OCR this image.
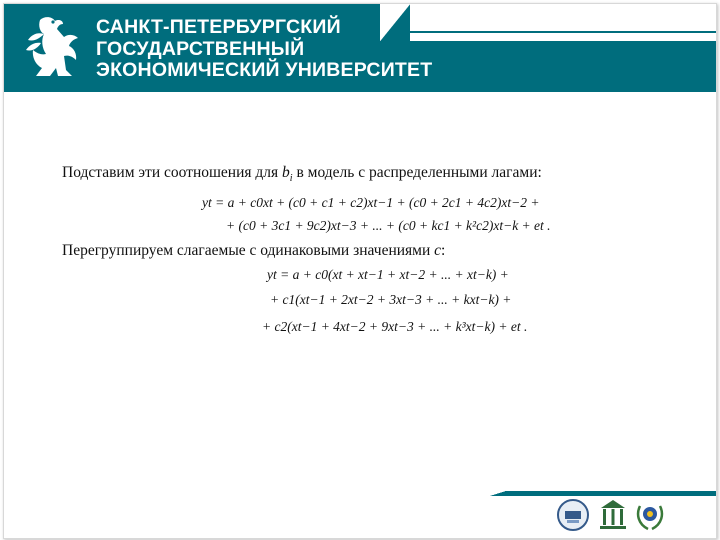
САНКТ-ПЕТЕРБУРГСКИЙ
ГОСУДАРСТВЕННЫЙ
ЭКОНОМИЧЕСКИЙ УНИВЕРСИТЕТ
Подставим эти соотношения для $b_i$ в модель с распределенными лагами:
yt = a + c0xt + (c0 + c1 + c2)xt−1 + (c0 + 2c1 + 4c2)xt−2 +
+ (c0 + 3c1 + 9c2)xt−3 + ... + (c0 + kc1 + k²c2)xt−k + et .
Перегруппируем слагаемые с одинаковыми значениями c:
yt = a + c0(xt + xt−1 + xt−2 + ... + xt−k) +
+ c1(xt−1 + 2xt−2 + 3xt−3 + ... + kxt−k) +
+ c2(xt−1 + 4xt−2 + 9xt−3 + ... + k³xt−k) + et .
